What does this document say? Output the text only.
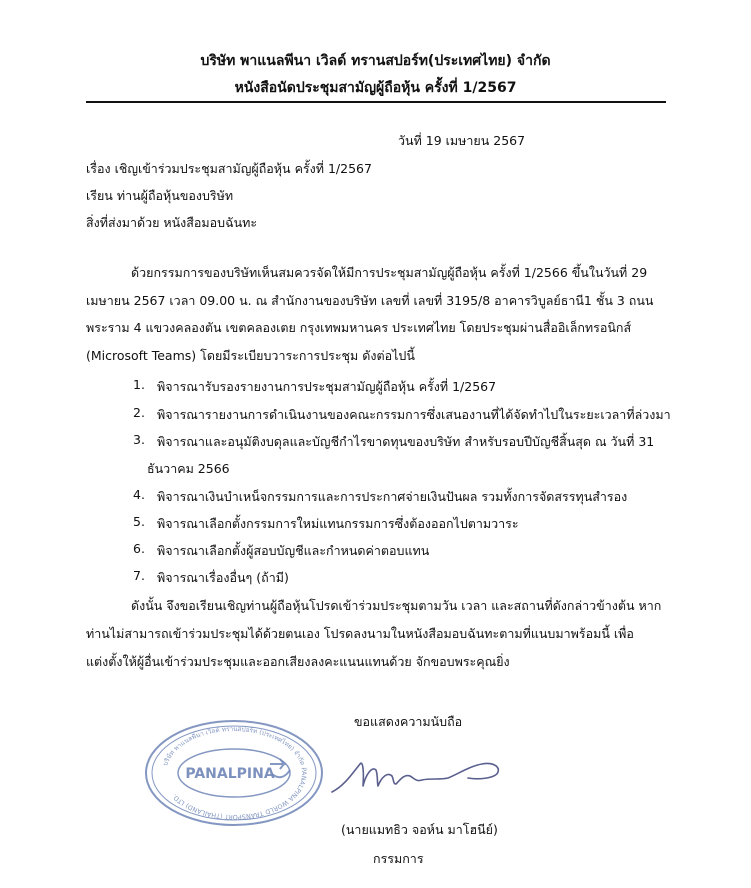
บริษัท พาแนลพีนา เวิลด์ ทรานสปอร์ท(ประเทศไทย) จำกัด
หนังสือนัดประชุมสามัญผู้ถือหุ้น ครั้งที่ 1/2567
วันที่ 19 เมษายน 2567
เรื่อง เชิญเข้าร่วมประชุมสามัญผู้ถือหุ้น ครั้งที่ 1/2567
เรียน ท่านผู้ถือหุ้นของบริษัท
สิ่งที่ส่งมาด้วย หนังสือมอบฉันทะ
ด้วยกรรมการของบริษัทเห็นสมควรจัดให้มีการประชุมสามัญผู้ถือหุ้น ครั้งที่ 1/2566 ขึ้นในวันที่ 29
เมษายน 2567 เวลา 09.00 น. ณ สำนักงานของบริษัท เลขที่ เลขที่ 3195/8 อาคารวิบูลย์ธานี1 ชั้น 3 ถนน
พระราม 4 แขวงคลองตัน เขตคลองเตย กรุงเทพมหานคร ประเทศไทย โดยประชุมผ่านสื่ออิเล็กทรอนิกส์
(Microsoft Teams) โดยมีระเบียบวาระการประชุม ดังต่อไปนี้
1. พิจารณารับรองรายงานการประชุมสามัญผู้ถือหุ้น ครั้งที่ 1/2567
2. พิจารณารายงานการดำเนินงานของคณะกรรมการซึ่งเสนองานที่ได้จัดทำไปในระยะเวลาที่ล่วงมา
3. พิจารณาและอนุมัติงบดุลและบัญชีกำไรขาดทุนของบริษัท สำหรับรอบปีบัญชีสิ้นสุด ณ วันที่ 31
ธันวาคม 2566
4. พิจารณาเงินบำเหน็จกรรมการและการประกาศจ่ายเงินปันผล รวมทั้งการจัดสรรทุนสำรอง
5. พิจารณาเลือกตั้งกรรมการใหม่แทนกรรมการซึ่งต้องออกไปตามวาระ
6. พิจารณาเลือกตั้งผู้สอบบัญชีและกำหนดค่าตอบแทน
7. พิจารณาเรื่องอื่นๆ (ถ้ามี)
ดังนั้น จึงขอเรียนเชิญท่านผู้ถือหุ้นโปรดเข้าร่วมประชุมตามวัน เวลา และสถานที่ดังกล่าวข้างต้น หาก
ท่านไม่สามารถเข้าร่วมประชุมได้ด้วยตนเอง โปรดลงนามในหนังสือมอบฉันทะตามที่แนบมาพร้อมนี้ เพื่อ
แต่งตั้งให้ผู้อื่นเข้าร่วมประชุมและออกเสียงลงคะแนนแทนด้วย จักขอบพระคุณยิ่ง
ขอแสดงความนับถือ
บริษัท พาแนลพีนา เวิลด์ ทรานสปอร์ท (ประเทศไทย) จำกัด PANALPINA WORLD TRANSPORT (THAILAND) LTD.
PANALPINA
(นายแมทธิว จอห์น มาโฮนีย์)
กรรมการ
